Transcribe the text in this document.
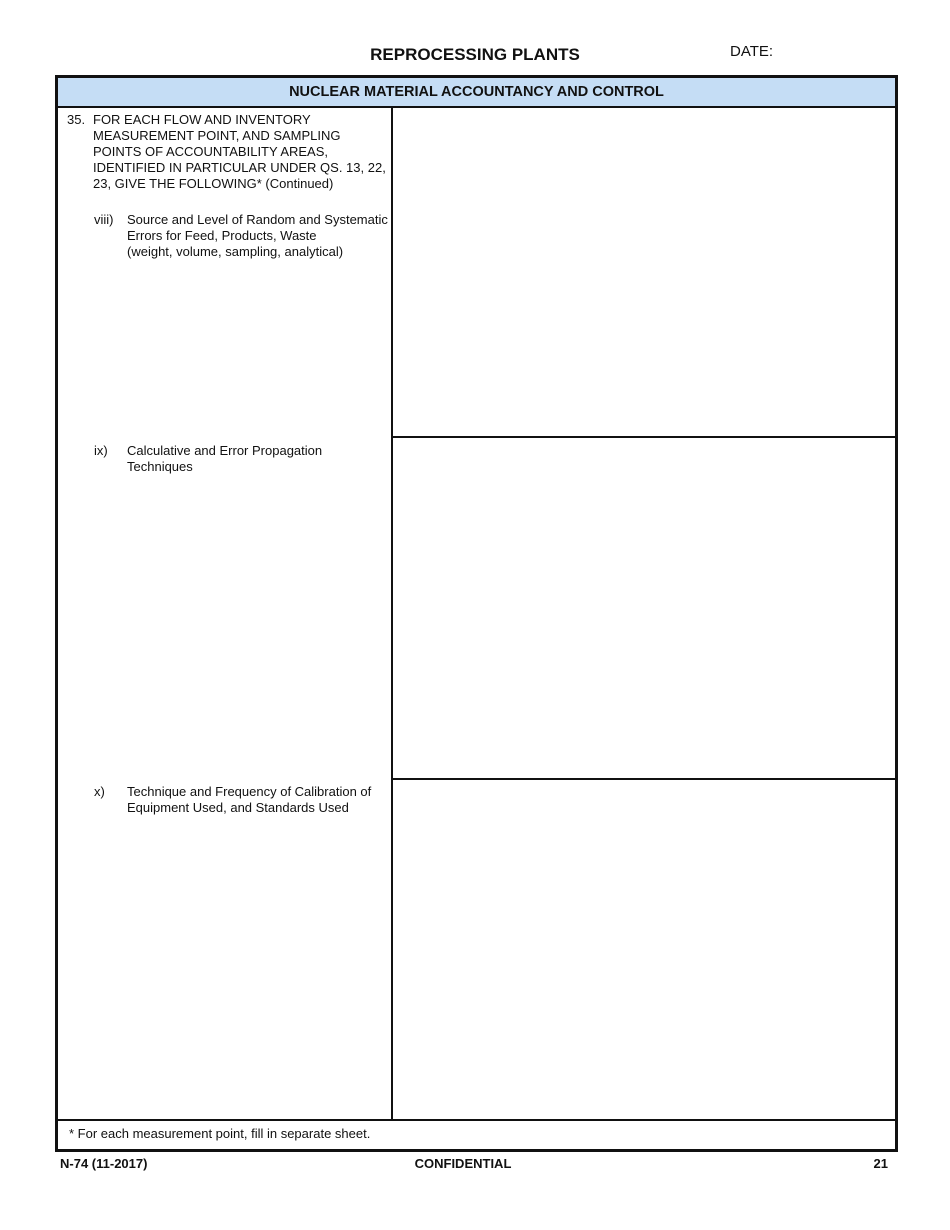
REPROCESSING PLANTS	DATE:
NUCLEAR MATERIAL ACCOUNTANCY AND CONTROL
35. FOR EACH FLOW AND INVENTORY MEASUREMENT POINT, AND SAMPLING POINTS OF ACCOUNTABILITY AREAS, IDENTIFIED IN PARTICULAR UNDER QS. 13, 22, 23, GIVE THE FOLLOWING* (Continued)
viii) Source and Level of Random and Systematic Errors for Feed, Products, Waste
(weight, volume, sampling, analytical)
ix) Calculative and Error Propagation Techniques
x) Technique and Frequency of Calibration of Equipment Used, and Standards Used
* For each measurement point, fill in separate sheet.
N-74 (11-2017)	CONFIDENTIAL	21
